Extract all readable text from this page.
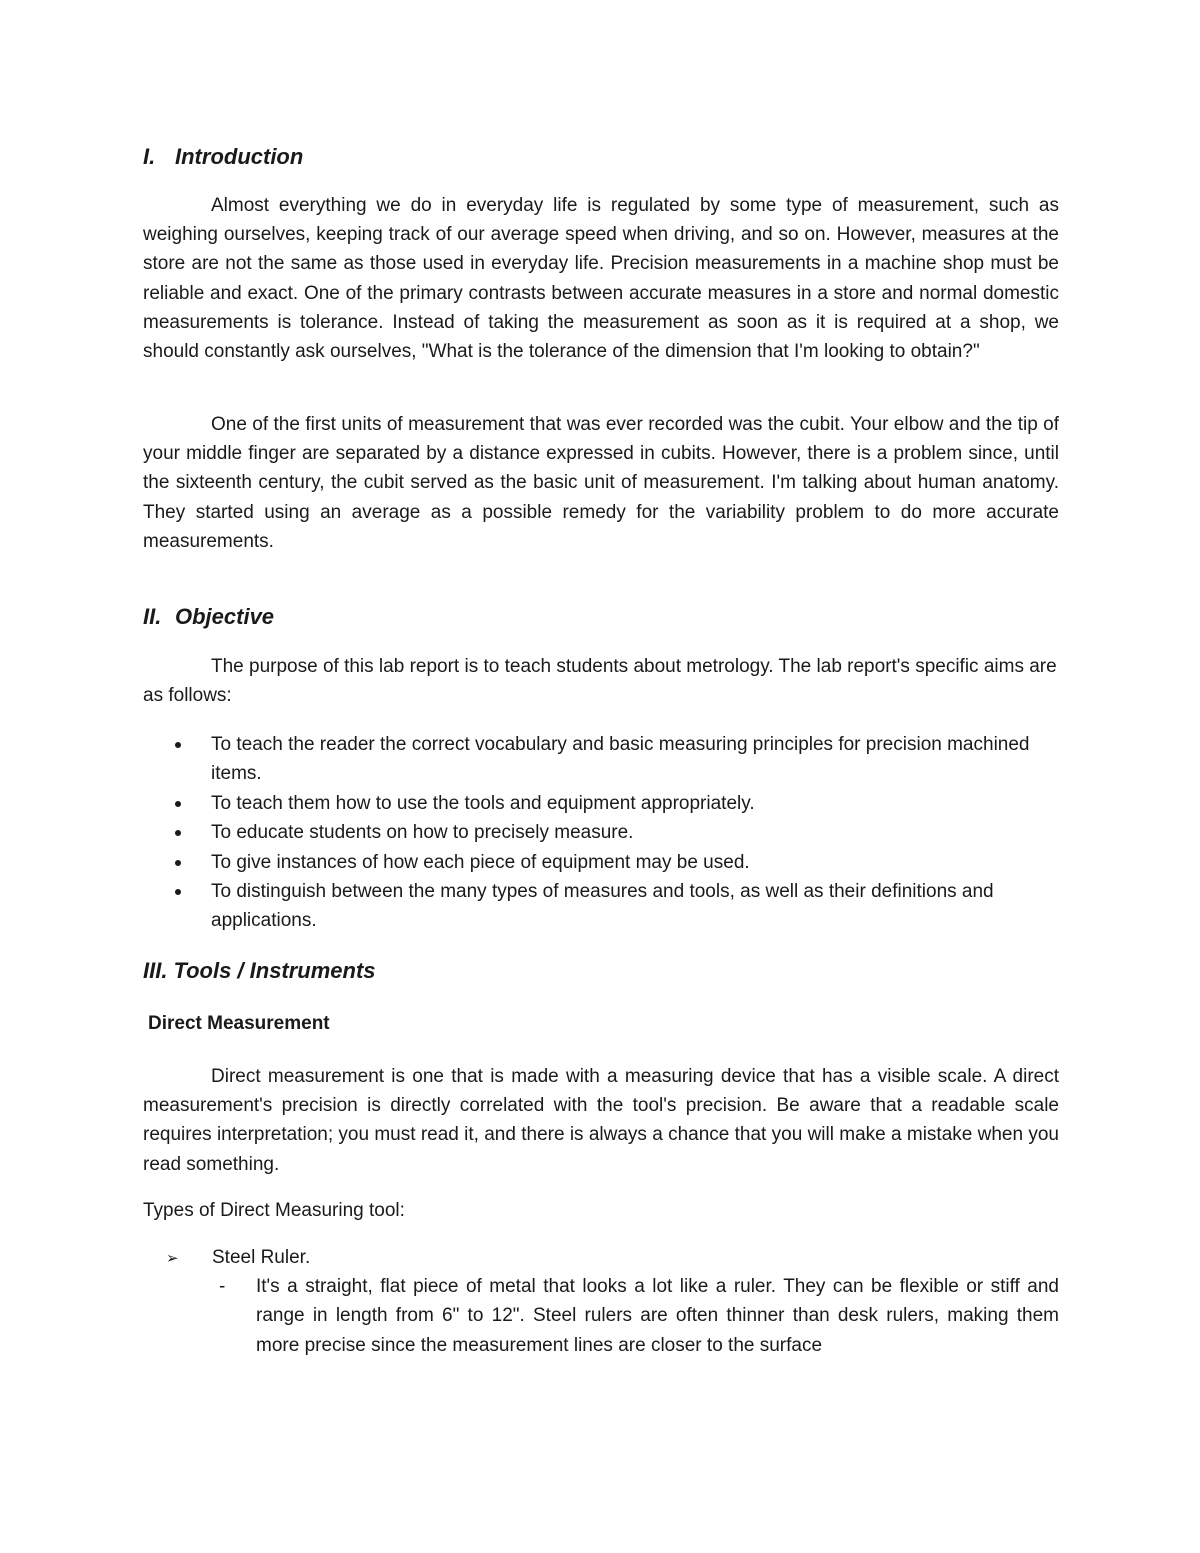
I. Introduction

Almost everything we do in everyday life is regulated by some type of measurement, such as weighing ourselves, keeping track of our average speed when driving, and so on. However, measures at the store are not the same as those used in everyday life. Precision measurements in a machine shop must be reliable and exact. One of the primary contrasts between accurate measures in a store and normal domestic measurements is tolerance. Instead of taking the measurement as soon as it is required at a shop, we should constantly ask ourselves, "What is the tolerance of the dimension that I'm looking to obtain?"

One of the first units of measurement that was ever recorded was the cubit. Your elbow and the tip of your middle finger are separated by a distance expressed in cubits. However, there is a problem since, until the sixteenth century, the cubit served as the basic unit of measurement. I'm talking about human anatomy. They started using an average as a possible remedy for the variability problem to do more accurate measurements.

II. Objective

The purpose of this lab report is to teach students about metrology. The lab report's specific aims are as follows:

To teach the reader the correct vocabulary and basic measuring principles for precision machined items.
To teach them how to use the tools and equipment appropriately.
To educate students on how to precisely measure.
To give instances of how each piece of equipment may be used.
To distinguish between the many types of measures and tools, as well as their definitions and applications.
III. Tools / Instruments
Direct Measurement

Direct measurement is one that is made with a measuring device that has a visible scale. A direct measurement's precision is directly correlated with the tool's precision. Be aware that a readable scale requires interpretation; you must read it, and there is always a chance that you will make a mistake when you read something.

Types of Direct Measuring tool:

➢ Steel Ruler.

- It's a straight, flat piece of metal that looks a lot like a ruler. They can be flexible or stiff and range in length from 6" to 12". Steel rulers are often thinner than desk rulers, making them more precise since the measurement lines are closer to the surface
